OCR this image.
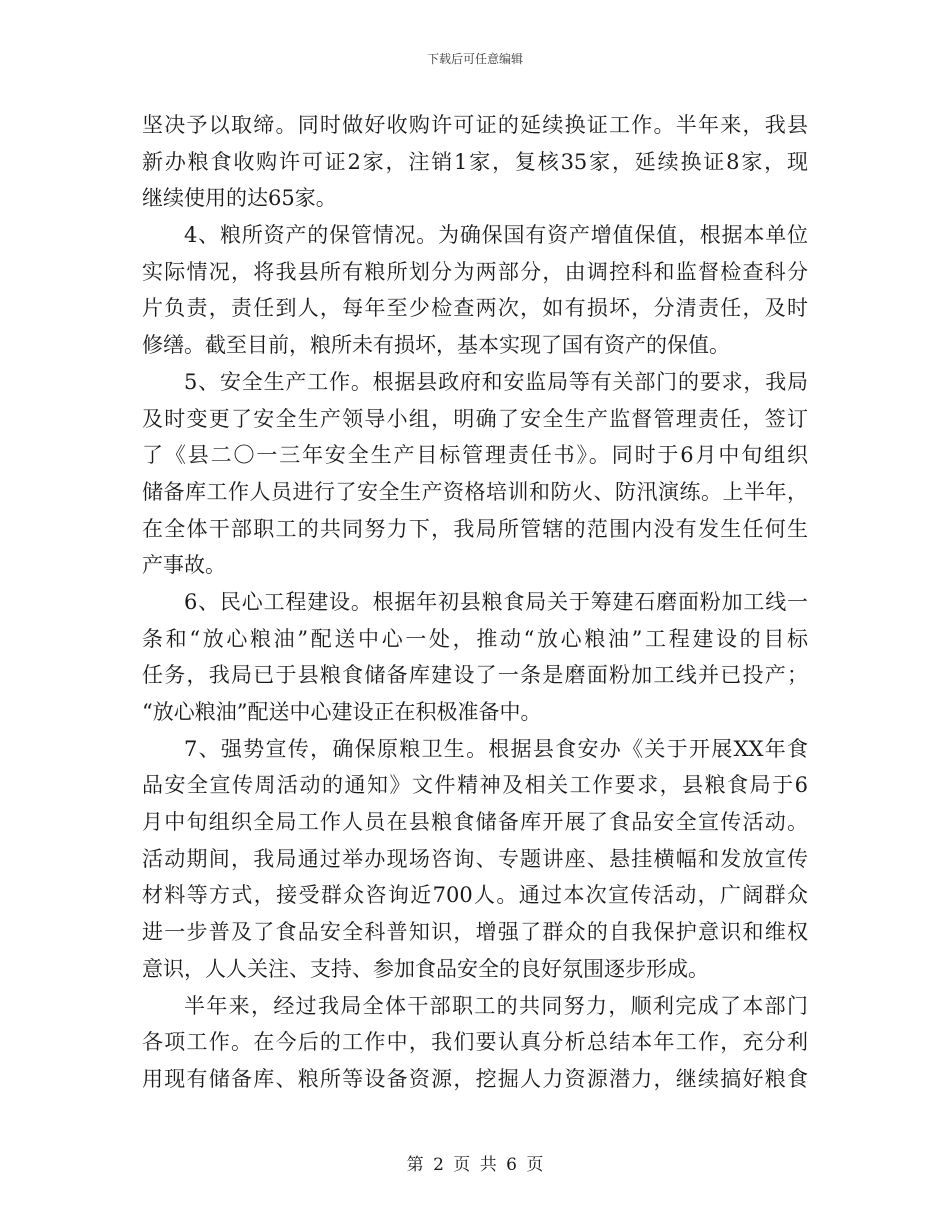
下载后可任意编辑
坚决予以取缔。同时做好收购许可证的延续换证工作。半年来，我县
新办粮食收购许可证2家，注销1家，复核35家，延续换证8家，现
继续使用的达65家。
4、粮所资产的保管情况。为确保国有资产增值保值，根据本单位
实际情况，将我县所有粮所划分为两部分，由调控科和监督检查科分
片负责，责任到人，每年至少检查两次，如有损坏，分清责任，及时
修缮。截至目前，粮所未有损坏，基本实现了国有资产的保值。
5、安全生产工作。根据县政府和安监局等有关部门的要求，我局
及时变更了安全生产领导小组，明确了安全生产监督管理责任，签订
了《县二〇一三年安全生产目标管理责任书》。同时于6月中旬组织
储备库工作人员进行了安全生产资格培训和防火、防汛演练。上半年，
在全体干部职工的共同努力下，我局所管辖的范围内没有发生任何生
产事故。
6、民心工程建设。根据年初县粮食局关于筹建石磨面粉加工线一
条和“放心粮油”配送中心一处，推动“放心粮油”工程建设的目标
任务，我局已于县粮食储备库建设了一条是磨面粉加工线并已投产；
“放心粮油”配送中心建设正在积极准备中。
7、强势宣传，确保原粮卫生。根据县食安办《关于开展XX年食
品安全宣传周活动的通知》文件精神及相关工作要求，县粮食局于6
月中旬组织全局工作人员在县粮食储备库开展了食品安全宣传活动。
活动期间，我局通过举办现场咨询、专题讲座、悬挂横幅和发放宣传
材料等方式，接受群众咨询近700人。通过本次宣传活动，广阔群众
进一步普及了食品安全科普知识，增强了群众的自我保护意识和维权
意识，人人关注、支持、参加食品安全的良好氛围逐步形成。
半年来，经过我局全体干部职工的共同努力，顺利完成了本部门
各项工作。在今后的工作中，我们要认真分析总结本年工作，充分利
用现有储备库、粮所等设备资源，挖掘人力资源潜力，继续搞好粮食
第 2 页 共 6 页
